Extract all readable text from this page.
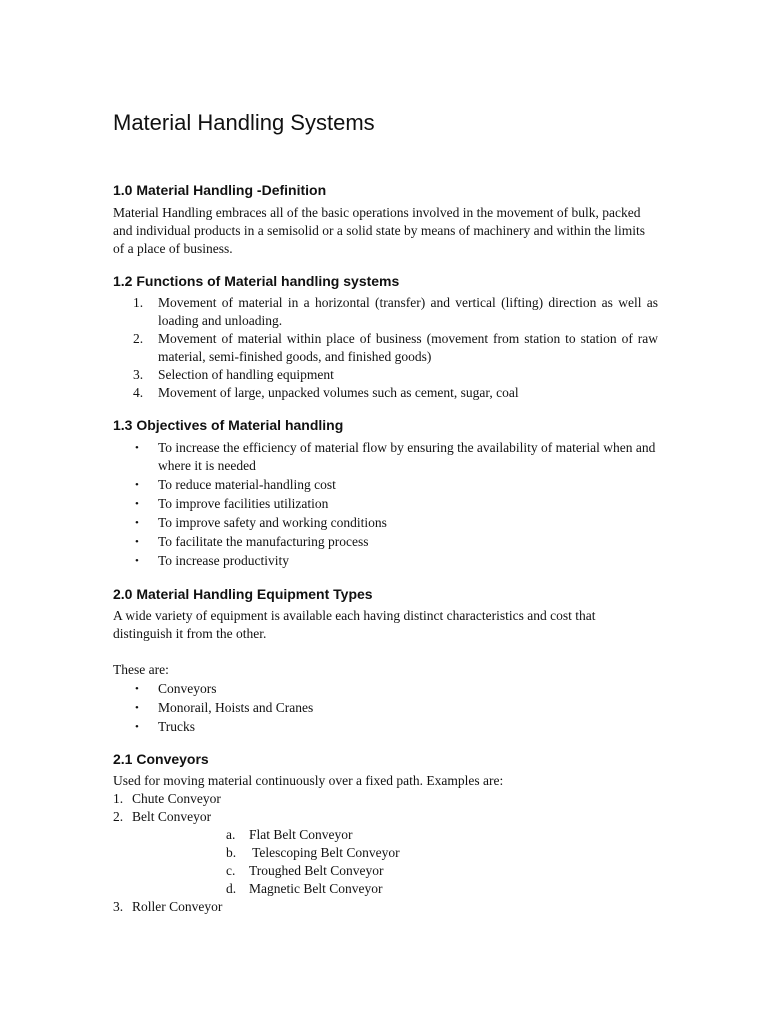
Material Handling Systems
1.0 Material Handling -Definition

Material Handling embraces all of the basic operations involved in the movement of bulk, packed and individual products in a semisolid or a solid state by means of machinery and within the limits of a place of business.

1.2 Functions of Material handling systems
1. Movement of material in a horizontal (transfer) and vertical (lifting) direction as well as loading and unloading.
2. Movement of material within place of business (movement from station to station of raw material, semi-finished goods, and finished goods)
3. Selection of handling equipment
4. Movement of large, unpacked volumes such as cement, sugar, coal
1.3 Objectives of Material handling
• To increase the efficiency of material flow by ensuring the availability of material when and where it is needed
• To reduce material-handling cost
• To improve facilities utilization
• To improve safety and working conditions
• To facilitate the manufacturing process
• To increase productivity
2.0 Material Handling Equipment Types

A wide variety of equipment is available each having distinct characteristics and cost that distinguish it from the other.

These are:

• Conveyors
• Monorail, Hoists and Cranes
• Trucks
2.1 Conveyors

Used for moving material continuously over a fixed path. Examples are:

1. Chute Conveyor

2. Belt Conveyor

a. Flat Belt Conveyor

b. Telescoping Belt Conveyor

c. Troughed Belt Conveyor

d. Magnetic Belt Conveyor

3. Roller Conveyor
